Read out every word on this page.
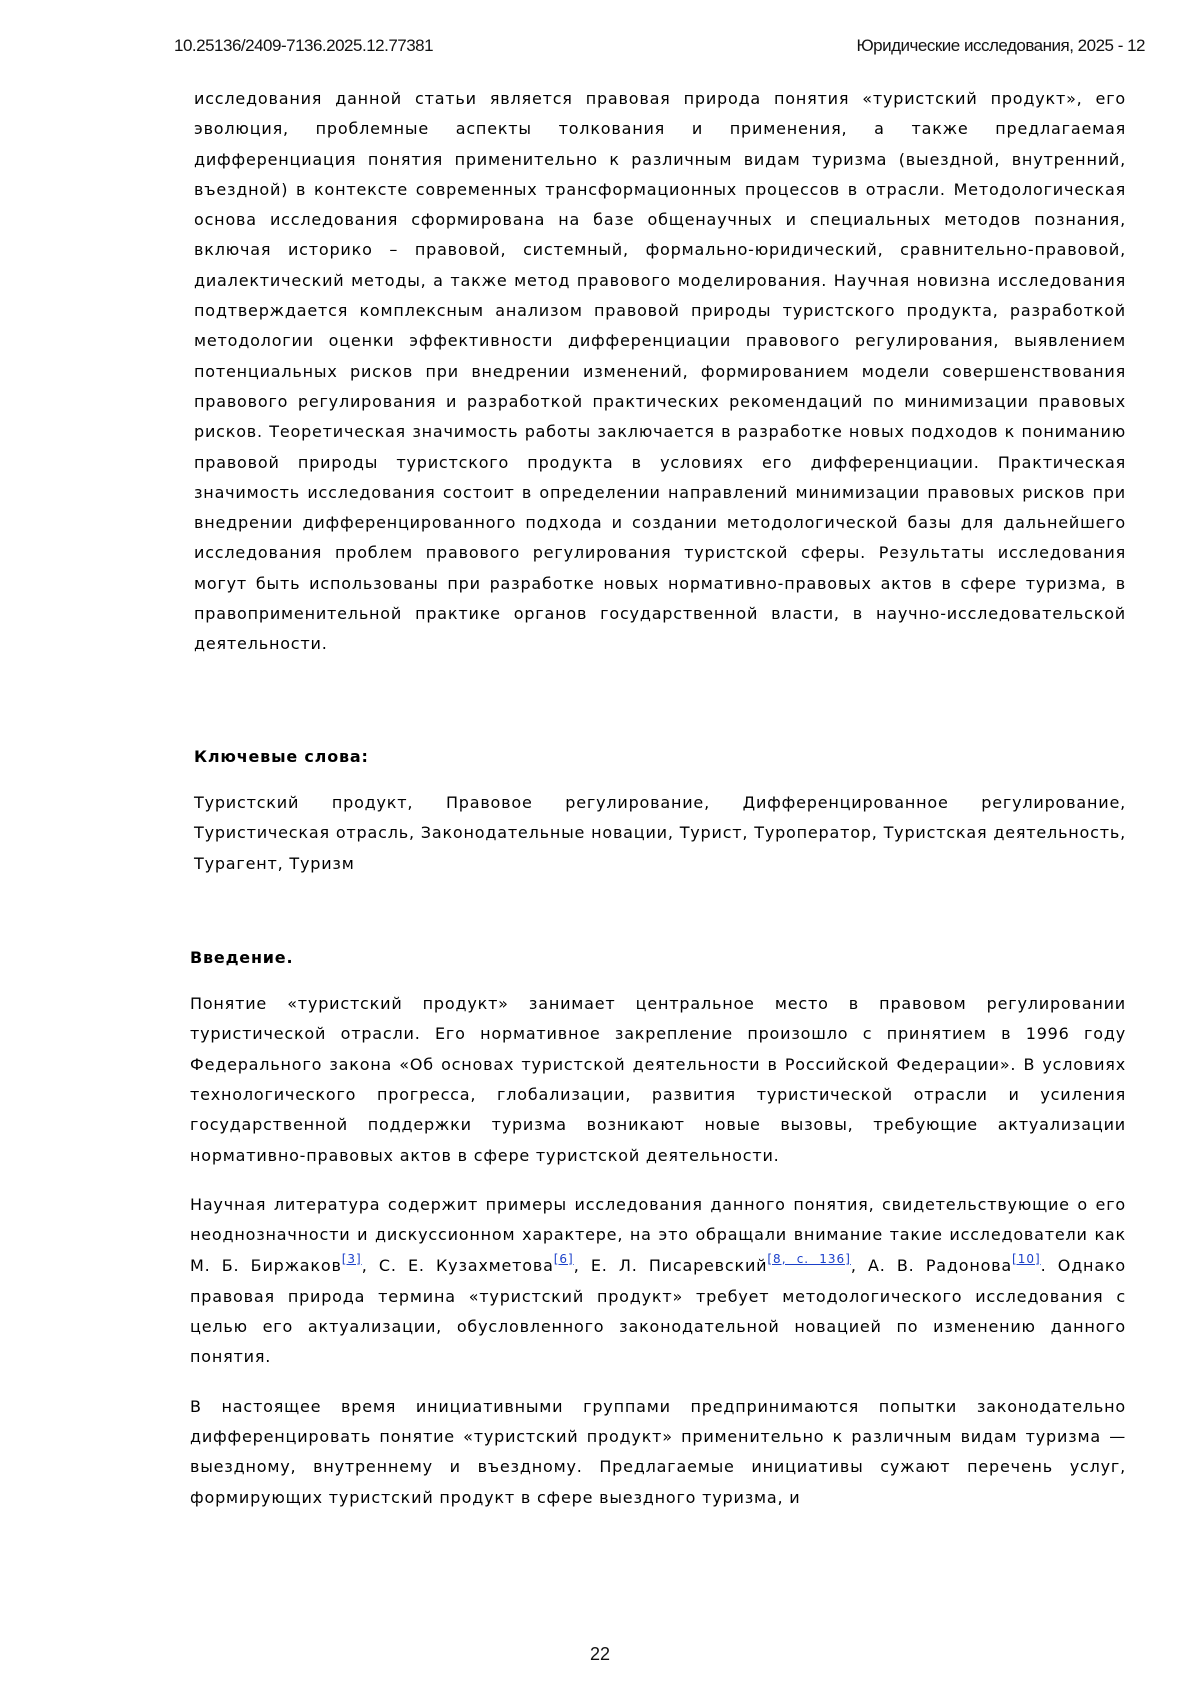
10.25136/2409-7136.2025.12.77381	Юридические исследования, 2025 - 12

исследования данной статьи является правовая природа понятия «туристский продукт», его эволюция, проблемные аспекты толкования и применения, а также предлагаемая дифференциация понятия применительно к различным видам туризма (выездной, внутренний, въездной) в контексте современных трансформационных процессов в отрасли. Методологическая основа исследования сформирована на базе общенаучных и специальных методов познания, включая историко – правовой, системный, формально-юридический, сравнительно-правовой, диалектический методы, а также метод правового моделирования. Научная новизна исследования подтверждается комплексным анализом правовой природы туристского продукта, разработкой методологии оценки эффективности дифференциации правового регулирования, выявлением потенциальных рисков при внедрении изменений, формированием модели совершенствования правового регулирования и разработкой практических рекомендаций по минимизации правовых рисков. Теоретическая значимость работы заключается в разработке новых подходов к пониманию правовой природы туристского продукта в условиях его дифференциации. Практическая значимость исследования состоит в определении направлений минимизации правовых рисков при внедрении дифференцированного подхода и создании методологической базы для дальнейшего исследования проблем правового регулирования туристской сферы. Результаты исследования могут быть использованы при разработке новых нормативно-правовых актов в сфере туризма, в правоприменительной практике органов государственной власти, в научно-исследовательской деятельности.

Ключевые слова:

Туристский продукт, Правовое регулирование, Дифференцированное регулирование, Туристическая отрасль, Законодательные новации, Турист, Туроператор, Туристская деятельность, Турагент, Туризм

Введение.

Понятие «туристский продукт» занимает центральное место в правовом регулировании туристической отрасли. Его нормативное закрепление произошло с принятием в 1996 году Федерального закона «Об основах туристской деятельности в Российской Федерации». В условиях технологического прогресса, глобализации, развития туристической отрасли и усиления государственной поддержки туризма возникают новые вызовы, требующие актуализации нормативно‑правовых актов в сфере туристской деятельности.

Научная литература содержит примеры исследования данного понятия, свидетельствующие о его неоднозначности и дискуссионном характере, на это обращали внимание такие исследователи как М. Б. Биржаков[3], С. Е. Кузахметова[6], Е. Л. Писаревский[8, с. 136], А. В. Радонова[10]. Однако правовая природа термина «туристский продукт» требует методологического исследования с целью его актуализации, обусловленного законодательной новацией по изменению данного понятия.

В настоящее время инициативными группами предпринимаются попытки законодательно дифференцировать понятие «туристский продукт» применительно к различным видам туризма — выездному, внутреннему и въездному. Предлагаемые инициативы сужают перечень услуг, формирующих туристский продукт в сфере выездного туризма, и

22
